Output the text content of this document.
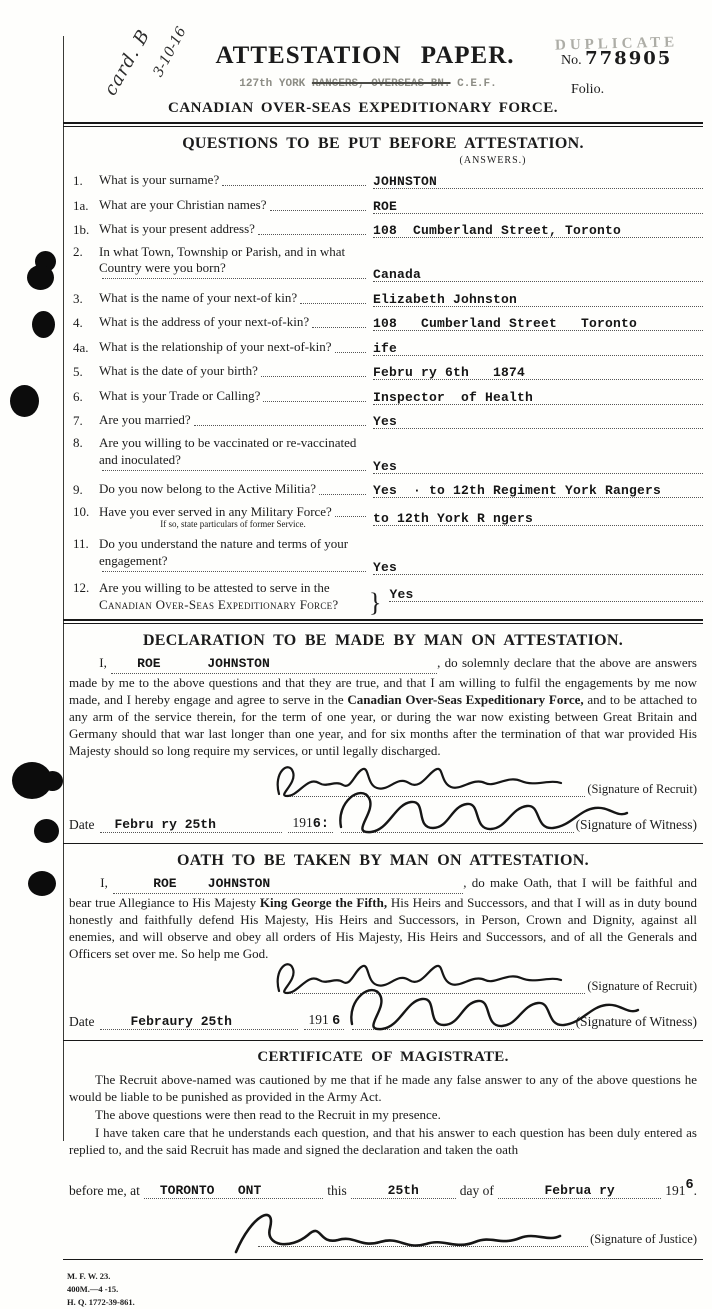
card. B
3-10-16	ATTESTATION PAPER.
127th YORK RANGERS, OVERSEAS BN. C.E.F.
CANADIAN OVER-SEAS EXPEDITIONARY FORCE.
DUPLICATE
No. 778905
Folio.
QUESTIONS TO BE PUT BEFORE ATTESTATION.
(ANSWERS.)
1.	What is your surname?	JOHNSTON
1a. What are your Christian names?	ROE
1b. What is your present address?	108  Cumberland Street, Toronto
2.	In what Town, Township or Parish, and in what Country were you born?	Canada
3.	What is the name of your next-of kin?	Elizabeth Johnston
4.	What is the address of your next-of-kin?	108   Cumberland Street   Toronto
4a. What is the relationship of your next-of-kin?	ife
5.	What is the date of your birth?	Febru ry 6th   1874
6.	What is your Trade or Calling?	Inspector  of Health
7.	Are you married?	Yes
8.	Are you willing to be vaccinated or re-vaccinated and inoculated?	Yes
9.	Do you now belong to the Active Militia?	Yes  · to 12th Regiment York Rangers
10. Have you ever served in any Military Force?
If so, state particulars of former Service.	to 12th York R ngers
11. Do you understand the nature and terms of your engagement?	Yes
12. Are you willing to be attested to serve in the
Canadian Over-Seas Expeditionary Force? } Yes
DECLARATION TO BE MADE BY MAN ON ATTESTATION.

I, ROE      JOHNSTON	, do solemnly declare that the above are answers made by me to the above questions and that they are true, and that I am willing to fulfil the engagements by me now made, and I hereby engage and agree to serve in the Canadian Over-Seas Expeditionary Force, and to be attached to any arm of the service therein, for the term of one year, or during the war now existing between Great Britain and Germany should that war last longer than one year, and for six months after the termination of that war provided His Majesty should so long require my services, or until legally discharged.

(Signature of Recruit)
Date	Febru ry 25th	1916:	(Signature of Witness)
OATH TO BE TAKEN BY MAN ON ATTESTATION.

I,	ROE    JOHNSTON	, do make Oath, that I will be faithful and bear true Allegiance to His Majesty King George the Fifth, His Heirs and Successors, and that I will as in duty bound honestly and faithfully defend His Majesty, His Heirs and Successors, in Person, Crown and Dignity, against all enemies, and will observe and obey all orders of His Majesty, His Heirs and Successors, and of all the Generals and Officers set over me. So help me God.

(Signature of Recruit)
Date	Febraury 25th	191 6	(Signature of Witness)
CERTIFICATE OF MAGISTRATE.

The Recruit above-named was cautioned by me that if he made any false answer to any of the above questions he would be liable to be punished as provided in the Army Act.

The above questions were then read to the Recruit in my presence.

I have taken care that he understands each question, and that his answer to each question has been duly entered as replied to, and the said Recruit has made and signed the declaration and taken the oath

before me, at	TORONTO   ONT	this	25th	day of	Februa ry	191 6 .
(Signature of Justice)
M. F. W. 23.
400M.—4 -15.
H. Q. 1772-39-861.
